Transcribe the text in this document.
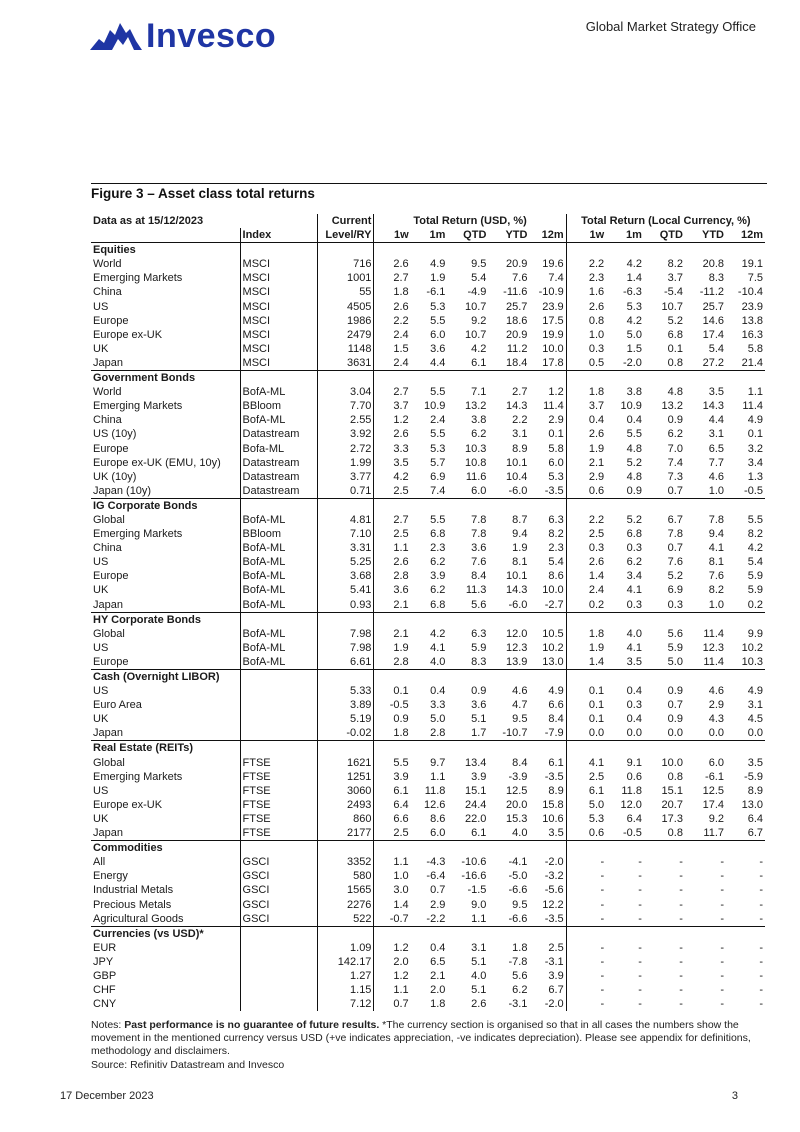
Invesco	Global Market Strategy Office
Figure 3 – Asset class total returns
Data as at 15/12/2023		Current	Total Return (USD, %)					Total Return (Local Currency, %)				
	Index	Level/RY	1w	1m	QTD	YTD	12m	1w	1m	QTD	YTD	12m
Equities												
World	MSCI	716	2.6	4.9	9.5	20.9	19.6	2.2	4.2	8.2	20.8	19.1
Emerging Markets	MSCI	1001	2.7	1.9	5.4	7.6	7.4	2.3	1.4	3.7	8.3	7.5
China	MSCI	55	1.8	-6.1	-4.9	-11.6	-10.9	1.6	-6.3	-5.4	-11.2	-10.4
US	MSCI	4505	2.6	5.3	10.7	25.7	23.9	2.6	5.3	10.7	25.7	23.9
Europe	MSCI	1986	2.2	5.5	9.2	18.6	17.5	0.8	4.2	5.2	14.6	13.8
Europe ex-UK	MSCI	2479	2.4	6.0	10.7	20.9	19.9	1.0	5.0	6.8	17.4	16.3
UK	MSCI	1148	1.5	3.6	4.2	11.2	10.0	0.3	1.5	0.1	5.4	5.8
Japan	MSCI	3631	2.4	4.4	6.1	18.4	17.8	0.5	-2.0	0.8	27.2	21.4
Government Bonds												
World	BofA-ML	3.04	2.7	5.5	7.1	2.7	1.2	1.8	3.8	4.8	3.5	1.1
Emerging Markets	BBloom	7.70	3.7	10.9	13.2	14.3	11.4	3.7	10.9	13.2	14.3	11.4
China	BofA-ML	2.55	1.2	2.4	3.8	2.2	2.9	0.4	0.4	0.9	4.4	4.9
US (10y)	Datastream	3.92	2.6	5.5	6.2	3.1	0.1	2.6	5.5	6.2	3.1	0.1
Europe	Bofa-ML	2.72	3.3	5.3	10.3	8.9	5.8	1.9	4.8	7.0	6.5	3.2
Europe ex-UK (EMU, 10y)	Datastream	1.99	3.5	5.7	10.8	10.1	6.0	2.1	5.2	7.4	7.7	3.4
UK (10y)	Datastream	3.77	4.2	6.9	11.6	10.4	5.3	2.9	4.8	7.3	4.6	1.3
Japan (10y)	Datastream	0.71	2.5	7.4	6.0	-6.0	-3.5	0.6	0.9	0.7	1.0	-0.5
IG Corporate Bonds												
Global	BofA-ML	4.81	2.7	5.5	7.8	8.7	6.3	2.2	5.2	6.7	7.8	5.5
Emerging Markets	BBloom	7.10	2.5	6.8	7.8	9.4	8.2	2.5	6.8	7.8	9.4	8.2
China	BofA-ML	3.31	1.1	2.3	3.6	1.9	2.3	0.3	0.3	0.7	4.1	4.2
US	BofA-ML	5.25	2.6	6.2	7.6	8.1	5.4	2.6	6.2	7.6	8.1	5.4
Europe	BofA-ML	3.68	2.8	3.9	8.4	10.1	8.6	1.4	3.4	5.2	7.6	5.9
UK	BofA-ML	5.41	3.6	6.2	11.3	14.3	10.0	2.4	4.1	6.9	8.2	5.9
Japan	BofA-ML	0.93	2.1	6.8	5.6	-6.0	-2.7	0.2	0.3	0.3	1.0	0.2
HY Corporate Bonds												
Global	BofA-ML	7.98	2.1	4.2	6.3	12.0	10.5	1.8	4.0	5.6	11.4	9.9
US	BofA-ML	7.98	1.9	4.1	5.9	12.3	10.2	1.9	4.1	5.9	12.3	10.2
Europe	BofA-ML	6.61	2.8	4.0	8.3	13.9	13.0	1.4	3.5	5.0	11.4	10.3
Cash (Overnight LIBOR)												
US		5.33	0.1	0.4	0.9	4.6	4.9	0.1	0.4	0.9	4.6	4.9
Euro Area		3.89	-0.5	3.3	3.6	4.7	6.6	0.1	0.3	0.7	2.9	3.1
UK		5.19	0.9	5.0	5.1	9.5	8.4	0.1	0.4	0.9	4.3	4.5
Japan		-0.02	1.8	2.8	1.7	-10.7	-7.9	0.0	0.0	0.0	0.0	0.0
Real Estate (REITs)												
Global	FTSE	1621	5.5	9.7	13.4	8.4	6.1	4.1	9.1	10.0	6.0	3.5
Emerging Markets	FTSE	1251	3.9	1.1	3.9	-3.9	-3.5	2.5	0.6	0.8	-6.1	-5.9
US	FTSE	3060	6.1	11.8	15.1	12.5	8.9	6.1	11.8	15.1	12.5	8.9
Europe ex-UK	FTSE	2493	6.4	12.6	24.4	20.0	15.8	5.0	12.0	20.7	17.4	13.0
UK	FTSE	860	6.6	8.6	22.0	15.3	10.6	5.3	6.4	17.3	9.2	6.4
Japan	FTSE	2177	2.5	6.0	6.1	4.0	3.5	0.6	-0.5	0.8	11.7	6.7
Commodities												
All	GSCI	3352	1.1	-4.3	-10.6	-4.1	-2.0	-	-	-	-	-
Energy	GSCI	580	1.0	-6.4	-16.6	-5.0	-3.2	-	-	-	-	-
Industrial Metals	GSCI	1565	3.0	0.7	-1.5	-6.6	-5.6	-	-	-	-	-
Precious Metals	GSCI	2276	1.4	2.9	9.0	9.5	12.2	-	-	-	-	-
Agricultural Goods	GSCI	522	-0.7	-2.2	1.1	-6.6	-3.5	-	-	-	-	-
Currencies (vs USD)*												
EUR		1.09	1.2	0.4	3.1	1.8	2.5	-	-	-	-	-
JPY		142.17	2.0	6.5	5.1	-7.8	-3.1	-	-	-	-	-
GBP		1.27	1.2	2.1	4.0	5.6	3.9	-	-	-	-	-
CHF		1.15	1.1	2.0	5.1	6.2	6.7	-	-	-	-	-
CNY		7.12	0.7	1.8	2.6	-3.1	-2.0	-	-	-	-	-
Notes: Past performance is no guarantee of future results. *The currency section is organised so that in all cases the numbers show the movement in the mentioned currency versus USD (+ve indicates appreciation, -ve indicates depreciation). Please see appendix for definitions, methodology and disclaimers.
Source: Refinitiv Datastream and Invesco
17 December 2023	3
